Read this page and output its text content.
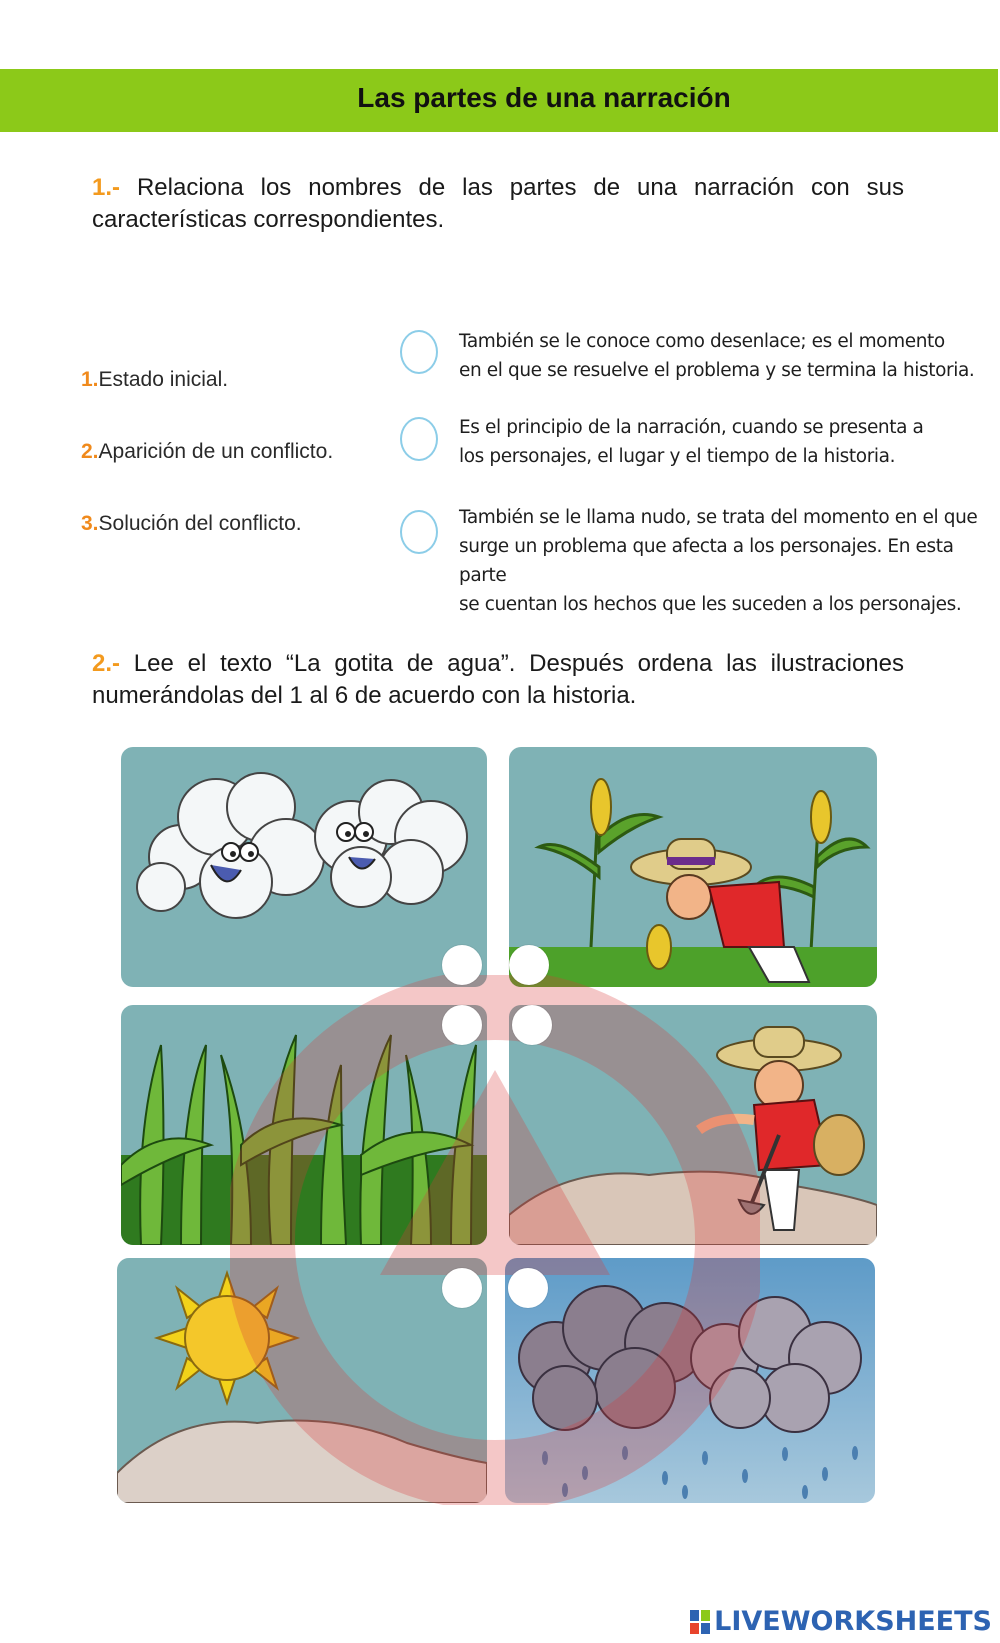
Las partes de una narración
1.- Relaciona los nombres de las partes de una narración con sus características correspondientes.
1.Estado inicial.
2.Aparición de un conflicto.
3.Solución del conflicto.
También se le conoce como desenlace; es el momento
en el que se resuelve el problema y se termina la historia.
Es el principio de la narración, cuando se presenta a
los personajes, el lugar y el tiempo de la historia.
También se le llama nudo, se trata del momento en el que
surge un problema que afecta a los personajes. En esta parte
se cuentan los hechos que les suceden a los personajes.
2.- Lee el texto “La gotita de agua”. Después ordena las ilustraciones numerándolas del 1 al 6 de acuerdo con la historia.
LIVEWORKSHEETS
